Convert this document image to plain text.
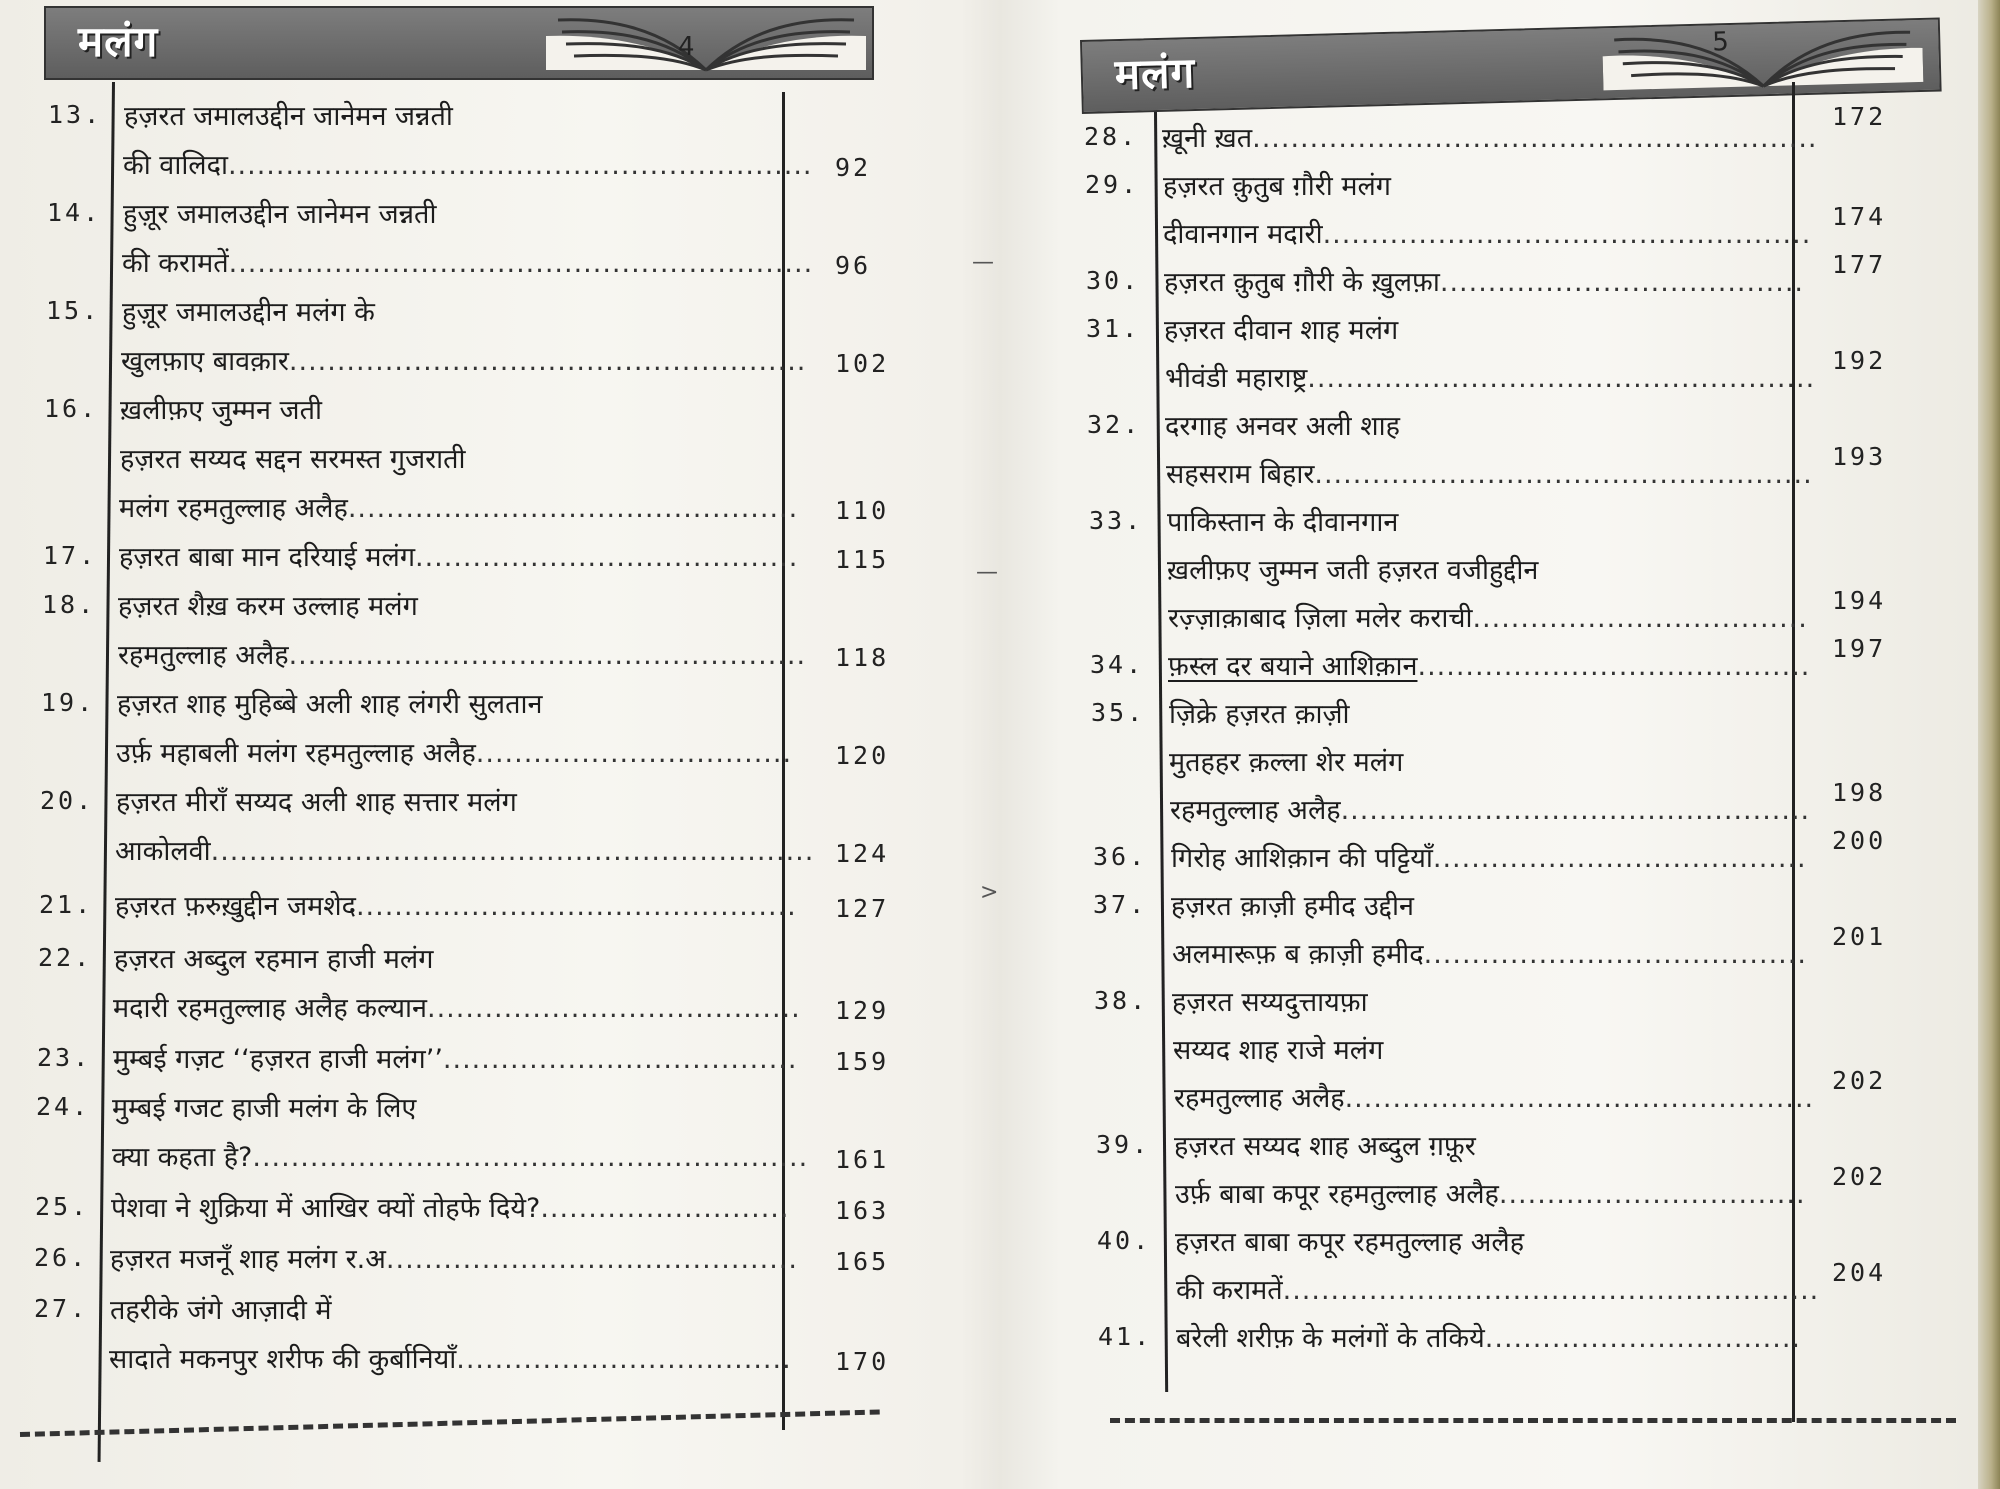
मलंग	4
13. हज़रत जमालउद्दीन जानेमन जन्नती
की वालिदा............................................................. 92
14. हुज़ूर जमालउद्दीन जानेमन जन्नती
की करामतें............................................................. 96
15. हुज़ूर जमालउद्दीन मलंग के
खुलफ़ाए बावक़ार...................................................... 102
16. ख़लीफ़ए जुम्मन जती
हज़रत सय्यद सद्दन सरमस्त गुजराती
मलंग रहमतुल्लाह अलैह............................................... 110
17. हज़रत बाबा मान दरियाई मलंग........................................ 115
18. हज़रत शैख़ करम उल्लाह मलंग
रहमतुल्लाह अलैह...................................................... 118
19. हज़रत शाह मुहिब्बे अली शाह लंगरी सुलतान
उर्फ़ महाबली मलंग रहमतुल्लाह अलैह................................. 120
20. हज़रत मीराँ सय्यद अली शाह सत्तार मलंग
आकोलवी............................................................... 124
21. हज़रत फ़रुख़ुद्दीन जमशेद.............................................. 127
22. हज़रत अब्दुल रहमान हाजी मलंग
मदारी रहमतुल्लाह अलैह कल्यान....................................... 129
23. मुम्बई गज़ट ‘‘हज़रत हाजी मलंग’’..................................... 159
24. मुम्बई गजट हाजी मलंग के लिए
क्या कहता है?.......................................................... 161
25. पेशवा ने शुक्रिया में आखिर क्यों तोहफे दिये?.......................... 163
26. हज़रत मजनूँ शाह मलंग र.अ........................................... 165
27. तहरीके जंगे आज़ादी में
सादाते मकनपुर शरीफ की कुर्बानियाँ................................... 170
—
—
>
मलंग
5
172
28. ख़ूनी ख़त...........................................................
29. हज़रत क़ुतुब ग़ौरी मलंग
दीवानगान मदारी...................................................
174
30. हज़रत क़ुतुब ग़ौरी के ख़ुलफ़ा......................................
177
31. हज़रत दीवान शाह मलंग
भीवंडी महाराष्ट्र.....................................................
192
32. दरगाह अनवर अली शाह
सहसराम बिहार....................................................
193
33. पाकिस्तान के दीवानगान
ख़लीफ़ए जुम्मन जती हज़रत वजीहुद्दीन
रज़्ज़ाक़ाबाद ज़िला मलेर कराची...................................
194
34. फ़स्ल दर बयाने आशिक़ान.........................................
197
35. ज़िक्रे हज़रत क़ाज़ी
मुतहहर क़ल्ला शेर मलंग
रहमतुल्लाह अलैह.................................................
198
36. गिरोह आशिक़ान की पट्टियाँ.......................................
200
37. हज़रत क़ाज़ी हमीद उद्दीन
अलमारूफ़ ब क़ाज़ी हमीद........................................
201
38. हज़रत सय्यदुत्तायफ़ा
सय्यद शाह राजे मलंग
रहमतुल्लाह अलैह.................................................
202
39. हज़रत सय्यद शाह अब्दुल ग़फ़ूर
उर्फ़ बाबा कपूर रहमतुल्लाह अलैह................................
202
40. हज़रत बाबा कपूर रहमतुल्लाह अलैह
की करामतें........................................................
204
41. बरेली शरीफ़ के मलंगों के तकिये.................................
